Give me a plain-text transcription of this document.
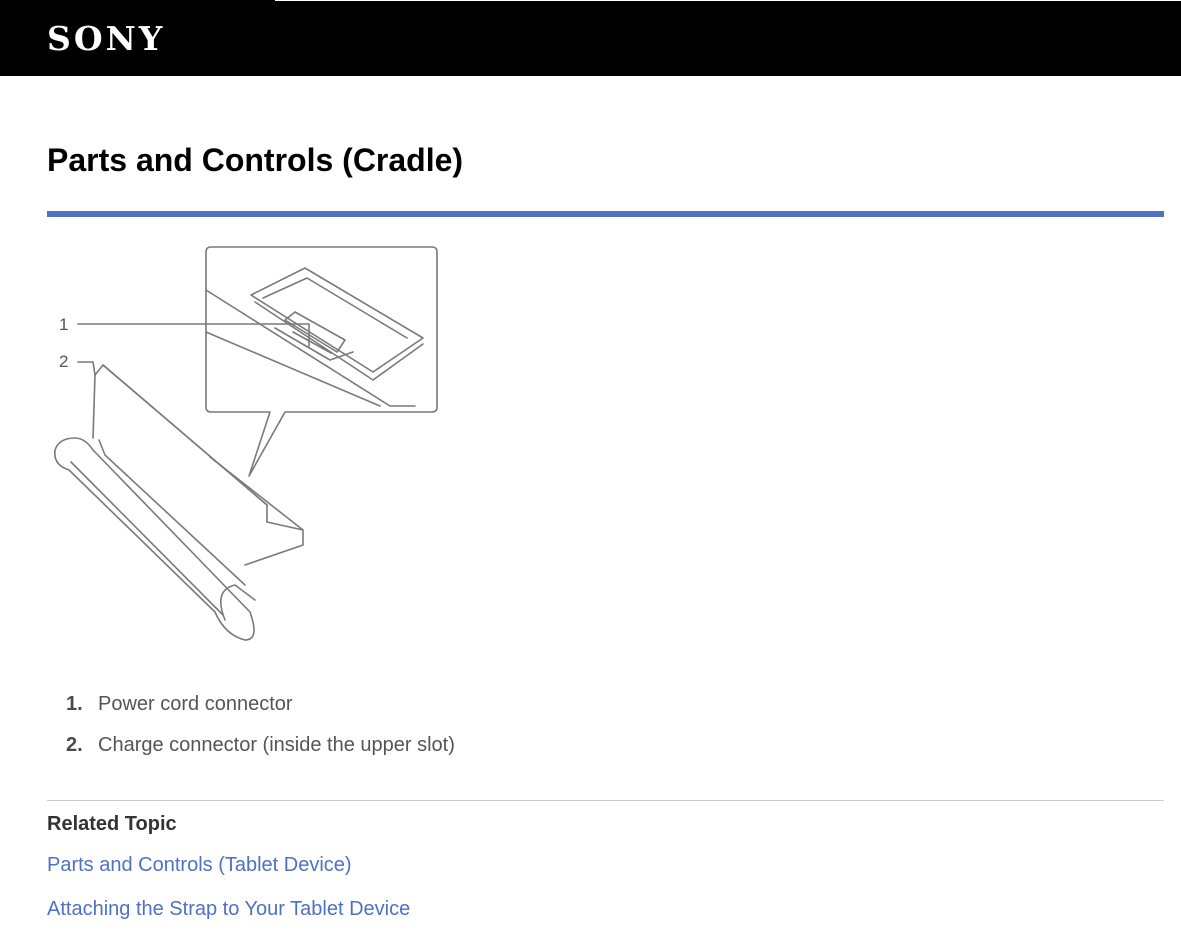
SONY
Parts and Controls (Cradle)
1
2
1. Power cord connector
2. Charge connector (inside the upper slot)
Related Topic
Parts and Controls (Tablet Device)
Attaching the Strap to Your Tablet Device
